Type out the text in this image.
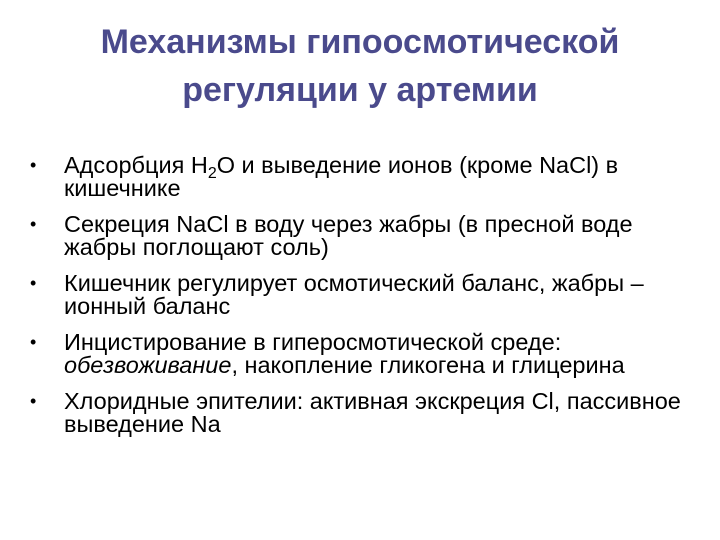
Механизмы гипоосмотической
регуляции у артемии
•	Адсорбция $H_2O$ и выведение ионов (кроме NaCl) в кишечнике
•	Секреция NaCl в воду через жабры (в пресной воде жабры поглощают соль)
•	Кишечник регулирует осмотический баланс, жабры – ионный баланс
•	Инцистирование в гиперосмотической среде: обезвоживание, накопление гликогена и глицерина
•	Хлоридные эпителии: активная экскреция Cl, пассивное выведение Na
